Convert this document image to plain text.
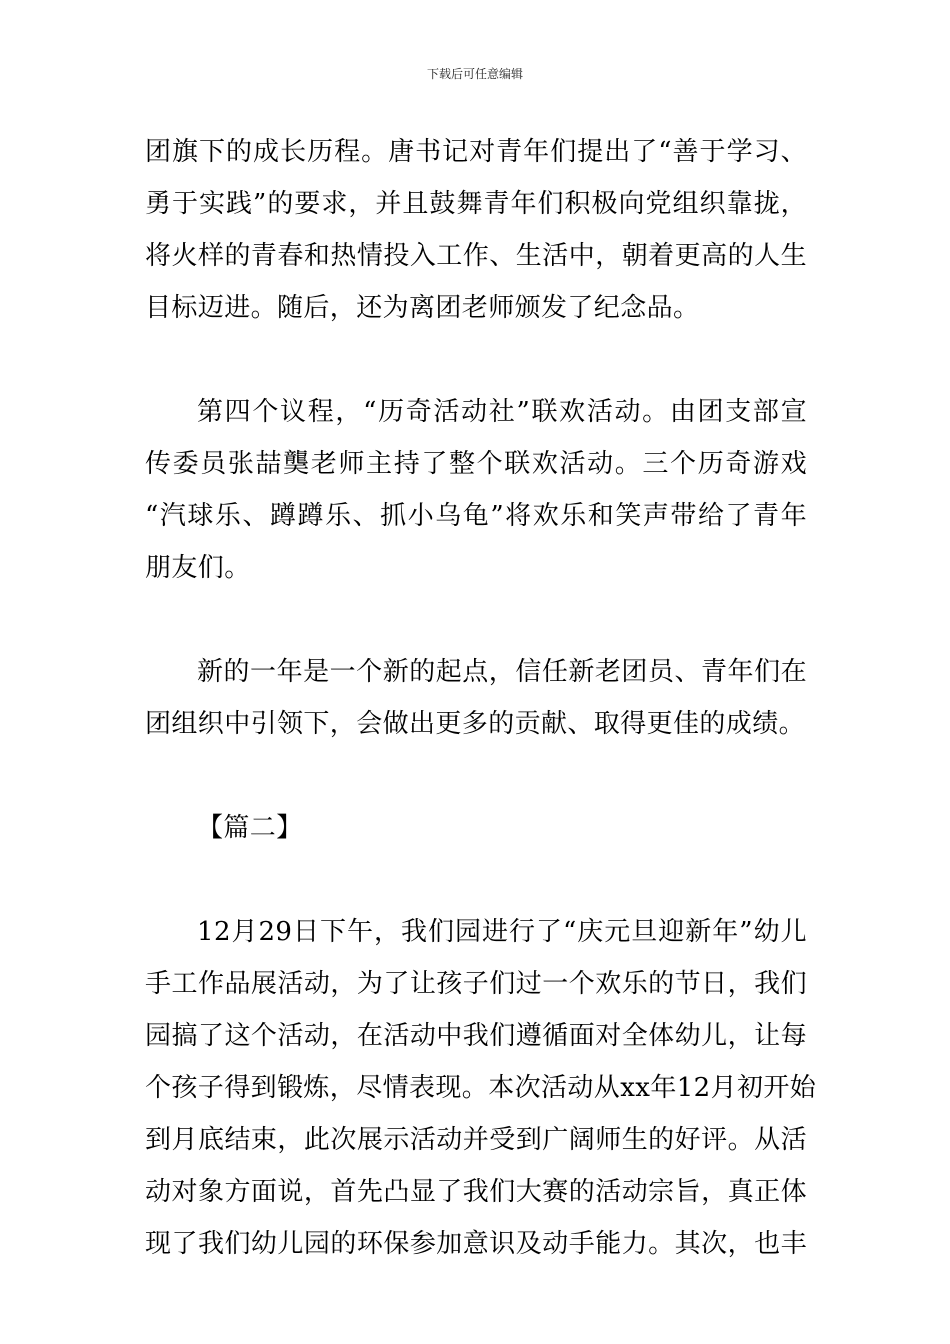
下载后可任意编辑
团旗下的成长历程。唐书记对青年们提出了“善于学习、
勇于实践”的要求，并且鼓舞青年们积极向党组织靠拢，
将火样的青春和热情投入工作、生活中，朝着更高的人生
目标迈进。随后，还为离团老师颁发了纪念品。
第四个议程，“历奇活动社”联欢活动。由团支部宣
传委员张喆龑老师主持了整个联欢活动。三个历奇游戏
“汽球乐、蹲蹲乐、抓小乌龟”将欢乐和笑声带给了青年
朋友们。
新的一年是一个新的起点，信任新老团员、青年们在
团组织中引领下，会做出更多的贡献、取得更佳的成绩。
【篇二】
12月29日下午，我们园进行了“庆元旦迎新年”幼儿
手工作品展活动，为了让孩子们过一个欢乐的节日，我们
园搞了这个活动，在活动中我们遵循面对全体幼儿，让每
个孩子得到锻炼，尽情表现。本次活动从xx年12月初开始
到月底结束，此次展示活动并受到广阔师生的好评。从活
动对象方面说，首先凸显了我们大赛的活动宗旨，真正体
现了我们幼儿园的环保参加意识及动手能力。其次，也丰
